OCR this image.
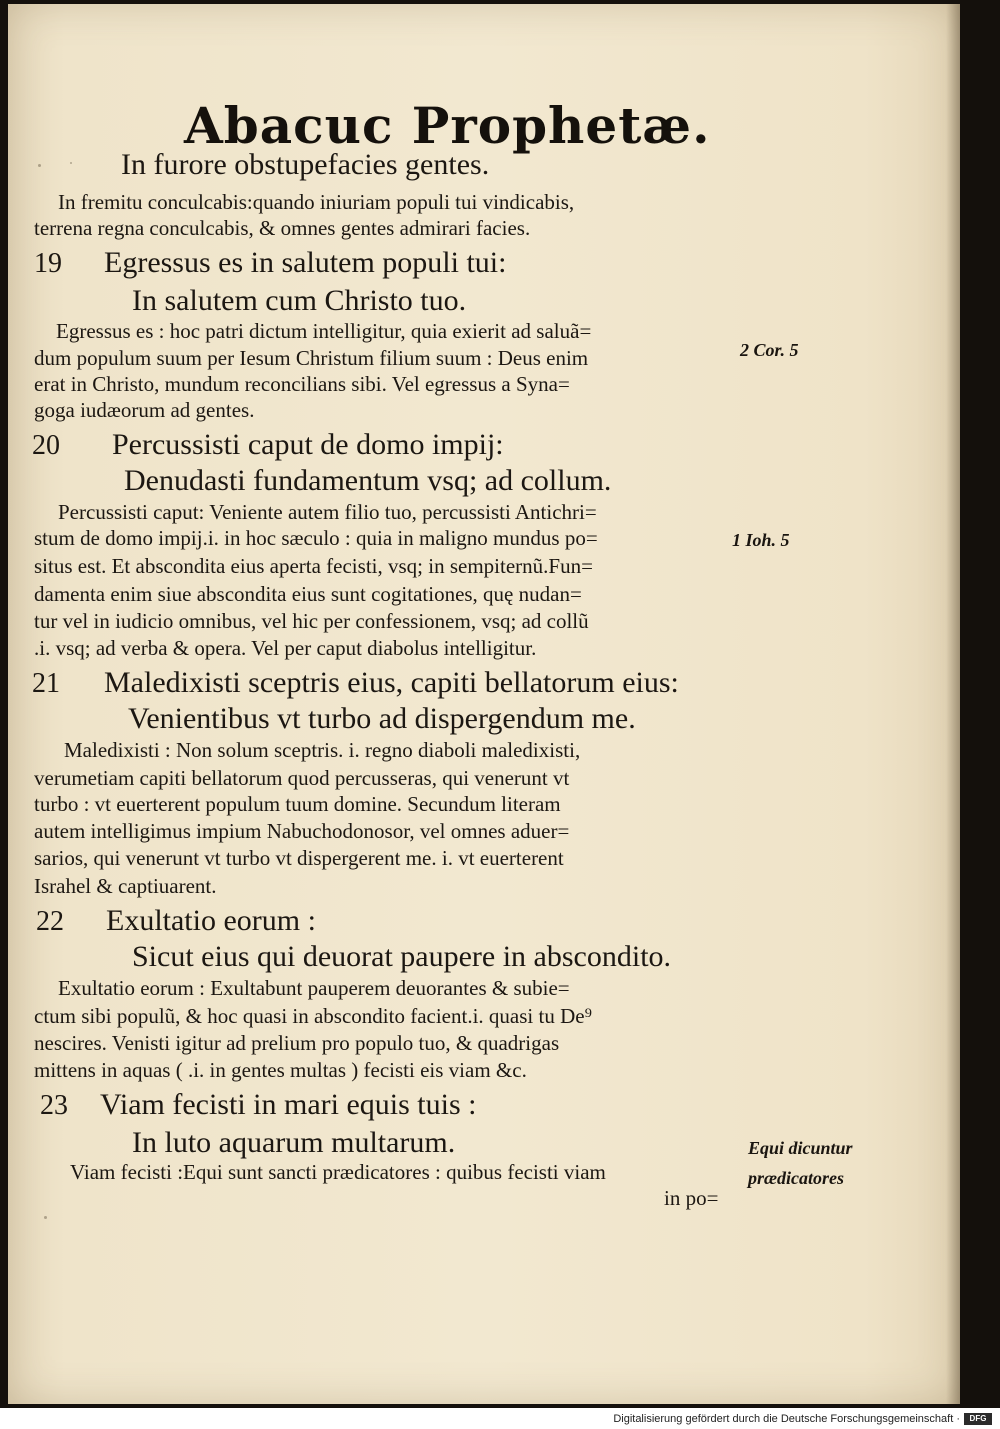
Abacuc Prophetæ.
In furore obstupefacies gentes.
In fremitu conculcabis:quando iniuriam populi tui vindicabis,
terrena regna conculcabis, & omnes gentes admirari facies.
19 Egressus es in salutem populi tui:
In salutem cum Christo tuo.
Egressus es : hoc patri dictum intelligitur, quia exierit ad saluã=
dum populum suum per Iesum Christum filium suum : Deus enim
erat in Christo, mundum reconcilians sibi. Vel egressus a Syna=
goga iudæorum ad gentes.
20 Percussisti caput de domo impij:
Denudasti fundamentum vsq; ad collum.
Percussisti caput: Veniente autem filio tuo, percussisti Antichri=
stum de domo impij.i. in hoc sæculo : quia in maligno mundus po=
situs est. Et abscondita eius aperta fecisti, vsq; in sempiternũ.Fun=
damenta enim siue abscondita eius sunt cogitationes, quę nudan=
tur vel in iudicio omnibus, vel hic per confessionem, vsq; ad collũ
.i. vsq; ad verba & opera. Vel per caput diabolus intelligitur.
21 Maledixisti sceptris eius, capiti bellatorum eius:
Venientibus vt turbo ad dispergendum me.
Maledixisti : Non solum sceptris. i. regno diaboli maledixisti,
verumetiam capiti bellatorum quod percusseras, qui venerunt vt
turbo : vt euerterent populum tuum domine. Secundum literam
autem intelligimus impium Nabuchodonosor, vel omnes aduer=
sarios, qui venerunt vt turbo vt dispergerent me. i. vt euerterent
Israhel & captiuarent.
22 Exultatio eorum :
Sicut eius qui deuorat paupere in abscondito.
Exultatio eorum : Exultabunt pauperem deuorantes & subie=
ctum sibi populũ, & hoc quasi in abscondito facient.i. quasi tu De⁹
nescires. Venisti igitur ad prelium pro populo tuo, & quadrigas
mittens in aquas ( .i. in gentes multas ) fecisti eis viam &c.
23 Viam fecisti in mari equis tuis :
In luto aquarum multarum.
Viam fecisti :Equi sunt sancti prædicatores : quibus fecisti viam
in po=
2 Cor. 5
1 Ioh. 5
Equi dicuntur
prædicatores
Digitalisierung gefördert durch die Deutsche Forschungsgemeinschaft ·	DFG
